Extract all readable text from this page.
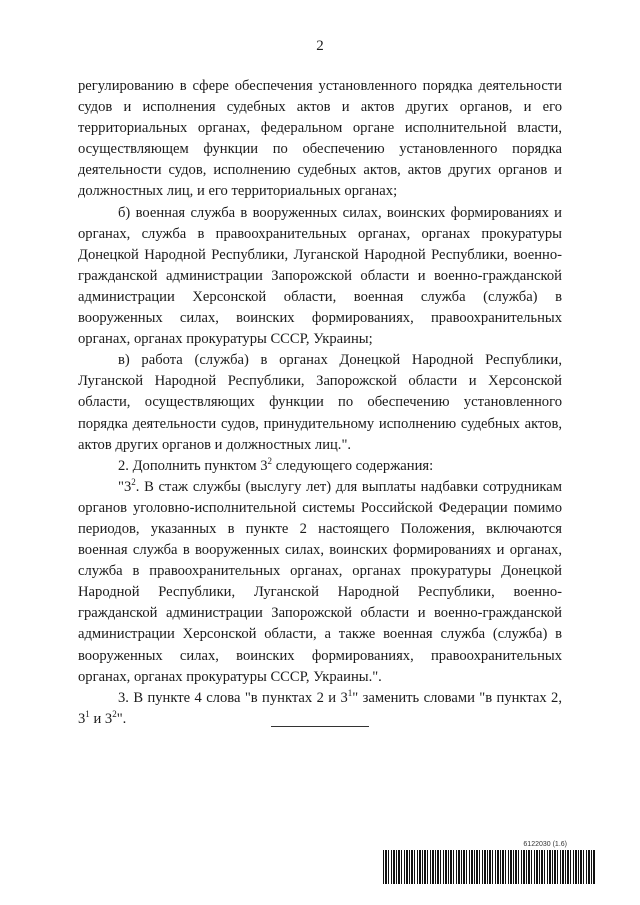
2

регулированию в сфере обеспечения установленного порядка деятельности судов и исполнения судебных актов и актов других органов, и его территориальных органах, федеральном органе исполнительной власти, осуществляющем функции по обеспечению установленного порядка деятельности судов, исполнению судебных актов, актов других органов и должностных лиц, и его территориальных органах;

б) военная служба в вооруженных силах, воинских формированиях и органах, служба в правоохранительных органах, органах прокуратуры Донецкой Народной Республики, Луганской Народной Республики, военно-гражданской администрации Запорожской области и военно-гражданской администрации Херсонской области, военная служба (служба) в вооруженных силах, воинских формированиях, правоохранительных органах, органах прокуратуры СССР, Украины;

в) работа (служба) в органах Донецкой Народной Республики, Луганской Народной Республики, Запорожской области и Херсонской области, осуществляющих функции по обеспечению установленного порядка деятельности судов, принудительному исполнению судебных актов, актов других органов и должностных лиц.".

2. Дополнить пунктом $3^2$ следующего содержания:

"$3^2$. В стаж службы (выслугу лет) для выплаты надбавки сотрудникам органов уголовно-исполнительной системы Российской Федерации помимо периодов, указанных в пункте 2 настоящего Положения, включаются военная служба в вооруженных силах, воинских формированиях и органах, служба в правоохранительных органах, органах прокуратуры Донецкой Народной Республики, Луганской Народной Республики, военно-гражданской администрации Запорожской области и военно-гражданской администрации Херсонской области, а также военная служба (служба) в вооруженных силах, воинских формированиях, правоохранительных органах, органах прокуратуры СССР, Украины.".

3. В пункте 4 слова "в пунктах 2 и $3^1$" заменить словами "в пунктах 2, $3^1$ и $3^2$".

6122030 (1.6)
